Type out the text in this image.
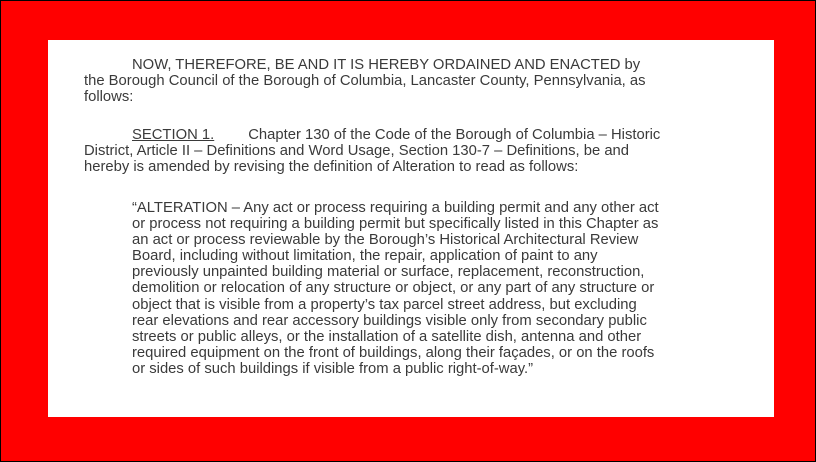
NOW, THEREFORE, BE AND IT IS HEREBY ORDAINED AND ENACTED by
the Borough Council of the Borough of Columbia, Lancaster County, Pennsylvania, as
follows:
SECTION 1. Chapter 130 of the Code of the Borough of Columbia – Historic
District, Article II – Definitions and Word Usage, Section 130-7 – Definitions, be and
hereby is amended by revising the definition of Alteration to read as follows:
“ALTERATION – Any act or process requiring a building permit and any other act
or process not requiring a building permit but specifically listed in this Chapter as
an act or process reviewable by the Borough’s Historical Architectural Review
Board, including without limitation, the repair, application of paint to any
previously unpainted building material or surface, replacement, reconstruction,
demolition or relocation of any structure or object, or any part of any structure or
object that is visible from a property’s tax parcel street address, but excluding
rear elevations and rear accessory buildings visible only from secondary public
streets or public alleys, or the installation of a satellite dish, antenna and other
required equipment on the front of buildings, along their façades, or on the roofs
or sides of such buildings if visible from a public right-of-way.”
